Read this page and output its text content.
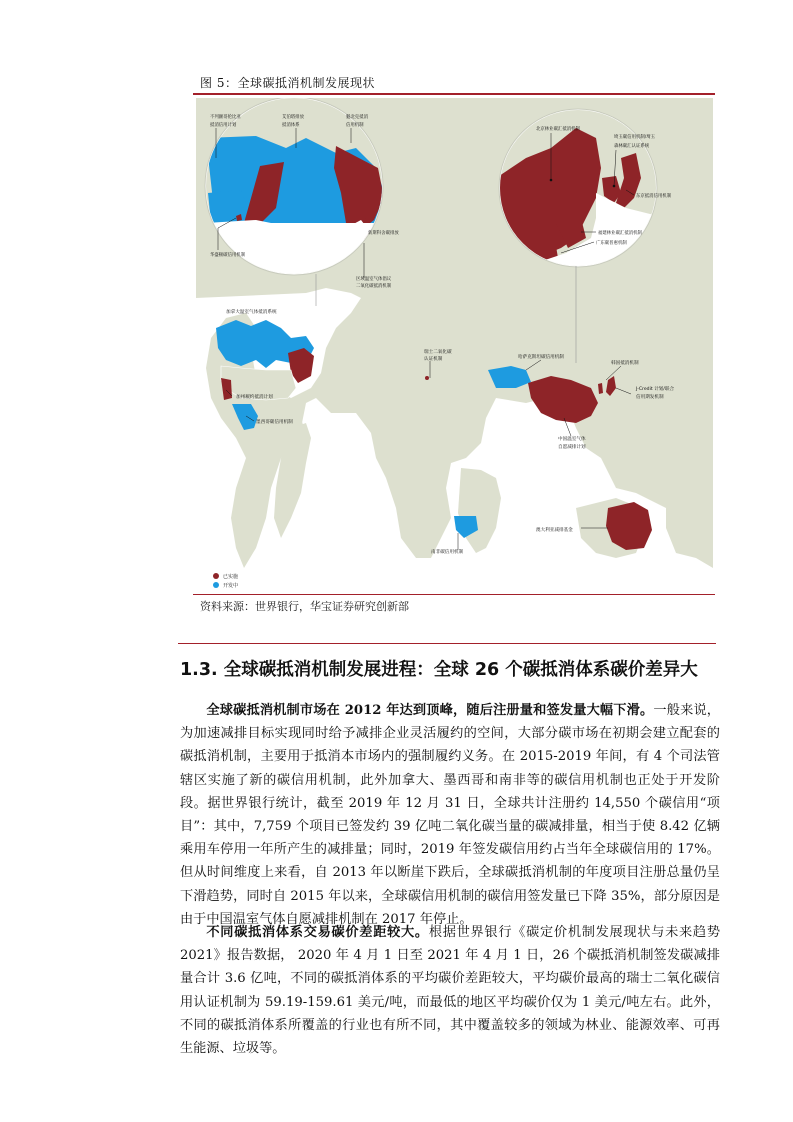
图 5：全球碳抵消机制发展现状
不列颠哥伦比亚
抵消信用计划
艾伯塔排放
抵消体系
魁北克抵消
信用机制
华盛顿碳信用机制
新斯科舍碳排放
区域温室气体倡议
二氧化碳抵消机制
北京林业碳汇抵消机制
埼玉碳信用机制/埼玉
森林碳汇认证系统
东京抵消信用机制
福建林业碳汇抵消机制
广东碳普惠机制
加拿大温室气体抵消系统
加州履约抵消计划
墨西哥碳信用机制
瑞士二氧化碳
认证机制	哈萨克斯坦碳信用机制
韩国抵消机制
J-Credit 计划/联合
信用期发机制
中国温室气体
自愿减排计划
南非碳信用机制
澳大利亚减排基金
已实施
开发中
资料来源：世界银行，华宝证券研究创新部
1.3. 全球碳抵消机制发展进程：全球 26 个碳抵消体系碳价差异大
全球碳抵消机制市场在 2012 年达到顶峰，随后注册量和签发量大幅下滑。一般来说，为加速减排目标实现同时给予减排企业灵活履约的空间，大部分碳市场在初期会建立配套的碳抵消机制，主要用于抵消本市场内的强制履约义务。在 2015-2019 年间，有 4 个司法管辖区实施了新的碳信用机制，此外加拿大、墨西哥和南非等的碳信用机制也正处于开发阶段。据世界银行统计，截至 2019 年 12 月 31 日，全球共计注册约 14,550 个碳信用“项目”：其中，7,759 个项目已签发约 39 亿吨二氧化碳当量的碳减排量，相当于使 8.42 亿辆乘用车停用一年所产生的减排量；同时，2019 年签发碳信用约占当年全球碳信用的 17%。但从时间维度上来看，自 2013 年以断崖下跌后，全球碳抵消机制的年度项目注册总量仍呈下滑趋势，同时自 2015 年以来，全球碳信用机制的碳信用签发量已下降 35%，部分原因是由于中国温室气体自愿减排机制在 2017 年停止。
不同碳抵消体系交易碳价差距较大。根据世界银行《碳定价机制发展现状与未来趋势 2021》报告数据， 2020 年 4 月 1 日至 2021 年 4 月 1 日，26 个碳抵消机制签发碳减排量合计 3.6 亿吨，不同的碳抵消体系的平均碳价差距较大，平均碳价最高的瑞士二氧化碳信用认证机制为 59.19-159.61 美元/吨，而最低的地区平均碳价仅为 1 美元/吨左右。此外，不同的碳抵消体系所覆盖的行业也有所不同，其中覆盖较多的领域为林业、能源效率、可再生能源、垃圾等。
